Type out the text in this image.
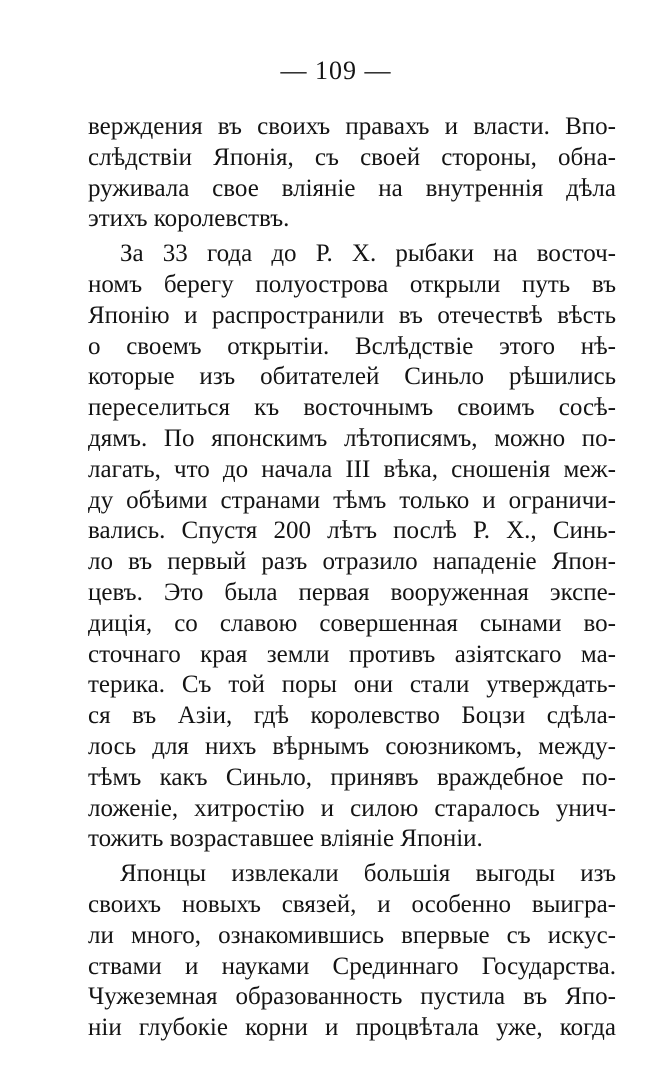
— 109 —
верждения въ своихъ правахъ и власти. Впо-
слѣдствіи Японія, съ своей стороны, обна-
руживала свое вліяніе на внутреннія дѣла
этихъ королевствъ.
За 33 года до Р. Х. рыбаки на восточ-
номъ берегу полуострова открыли путь въ
Японію и распространили въ отечествѣ вѣсть
о своемъ открытіи. Вслѣдствіе этого нѣ-
которые изъ обитателей Синьло рѣшились
переселиться къ восточнымъ своимъ сосѣ-
дямъ. По японскимъ лѣтописямъ, можно по-
лагать, что до начала III вѣка, сношенія меж-
ду обѣими странами тѣмъ только и ограничи-
вались. Спустя 200 лѣтъ послѣ Р. Х., Синь-
ло въ первый разъ отразило нападеніе Япон-
цевъ. Это была первая вооруженная экспе-
диція, со славою совершенная сынами во-
сточнаго края земли противъ азіятскаго ма-
терика. Съ той поры они стали утверждать-
ся въ Азіи, гдѣ королевство Боцзи сдѣла-
лось для нихъ вѣрнымъ союзникомъ, между-
тѣмъ какъ Синьло, принявъ враждебное по-
ложеніе, хитростію и силою старалось унич-
тожить возраставшее вліяніе Японіи.
Японцы извлекали большія выгоды изъ
своихъ новыхъ связей, и особенно выигра-
ли много, ознакомившись впервые съ искус-
ствами и науками Срединнаго Государства.
Чужеземная образованность пустила въ Япо-
ніи глубокіе корни и процвѣтала уже, когда
